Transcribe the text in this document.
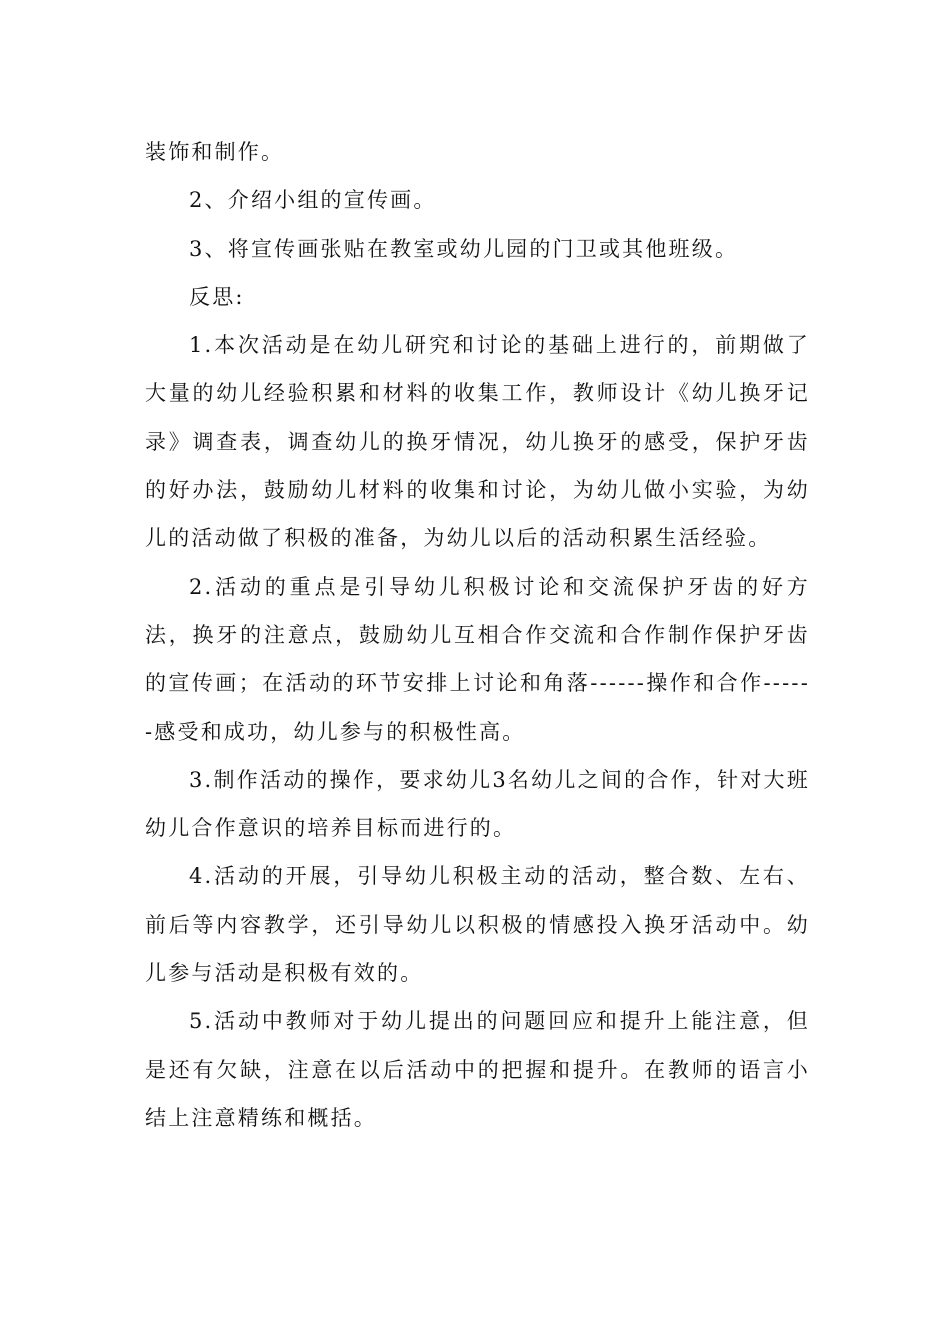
装饰和制作。

2、介绍小组的宣传画。

3、将宣传画张贴在教室或幼儿园的门卫或其他班级。

反思:

1.本次活动是在幼儿研究和讨论的基础上进行的，前期做了大量的幼儿经验积累和材料的收集工作，教师设计《幼儿换牙记录》调查表，调查幼儿的换牙情况，幼儿换牙的感受，保护牙齿的好办法，鼓励幼儿材料的收集和讨论，为幼儿做小实验，为幼儿的活动做了积极的准备，为幼儿以后的活动积累生活经验。

2.活动的重点是引导幼儿积极讨论和交流保护牙齿的好方法，换牙的注意点，鼓励幼儿互相合作交流和合作制作保护牙齿的宣传画；在活动的环节安排上讨论和角落------操作和合作------感受和成功，幼儿参与的积极性高。

3.制作活动的操作，要求幼儿3名幼儿之间的合作，针对大班幼儿合作意识的培养目标而进行的。

4.活动的开展，引导幼儿积极主动的活动，整合数、左右、前后等内容教学，还引导幼儿以积极的情感投入换牙活动中。幼儿参与活动是积极有效的。

5.活动中教师对于幼儿提出的问题回应和提升上能注意，但是还有欠缺，注意在以后活动中的把握和提升。在教师的语言小结上注意精练和概括。
